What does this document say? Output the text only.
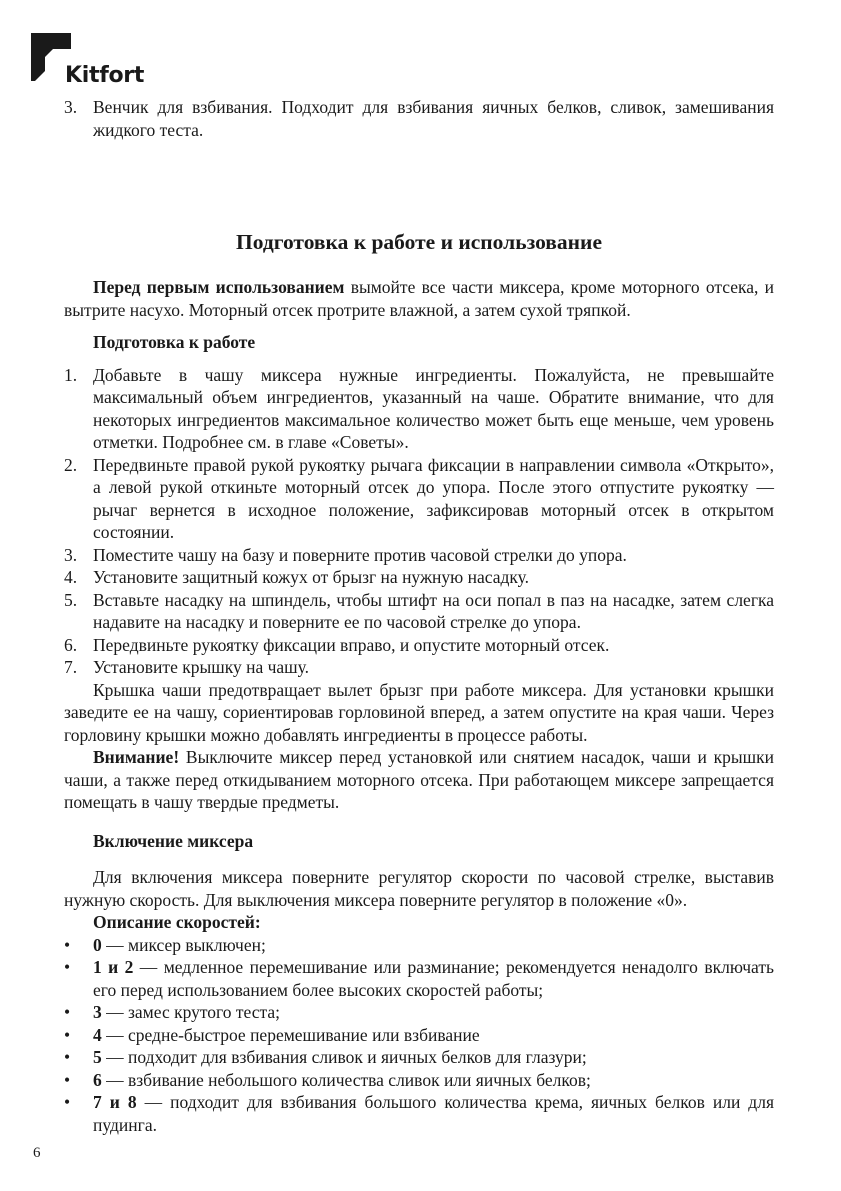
Kitfort
3. Венчик для взбивания. Подходит для взбивания яичных белков, сливок, замешивания жидкого теста.
Подготовка к работе и использование

Перед первым использованием вымойте все части миксера, кроме моторного отсека, и вытрите насухо. Моторный отсек протрите влажной, а затем сухой тряпкой.

Подготовка к работе
1. Добавьте в чашу миксера нужные ингредиенты. Пожалуйста, не превышайте максимальный объем ингредиентов, указанный на чаше. Обратите внимание, что для некоторых ингредиентов максимальное количество может быть еще меньше, чем уровень отметки. Подробнее см. в главе «Советы».
2. Передвиньте правой рукой рукоятку рычага фиксации в направлении символа «Открыто», а левой рукой откиньте моторный отсек до упора. После этого отпустите рукоятку — рычаг вернется в исходное положение, зафиксировав моторный отсек в открытом состоянии.
3. Поместите чашу на базу и поверните против часовой стрелки до упора.
4. Установите защитный кожух от брызг на нужную насадку.
5. Вставьте насадку на шпиндель, чтобы штифт на оси попал в паз на насадке, затем слегка надавите на насадку и поверните ее по часовой стрелке до упора.
6. Передвиньте рукоятку фиксации вправо, и опустите моторный отсек.
7. Установите крышку на чашу.

Крышка чаши предотвращает вылет брызг при работе миксера. Для установки крышки заведите ее на чашу, сориентировав горловиной вперед, а затем опустите на края чаши. Через горловину крышки можно добавлять ингредиенты в процессе работы.

Внимание! Выключите миксер перед установкой или снятием насадок, чаши и крышки чаши, а также перед откидыванием моторного отсека. При работающем миксере запрещается помещать в чашу твердые предметы.

Включение миксера

Для включения миксера поверните регулятор скорости по часовой стрелке, выставив нужную скорость. Для выключения миксера поверните регулятор в положение «0».

Описание скоростей:
• 0 — миксер выключен;
• 1 и 2 — медленное перемешивание или разминание; рекомендуется ненадолго включать его перед использованием более высоких скоростей работы;
• 3 — замес крутого теста;
• 4 — средне-быстрое перемешивание или взбивание
• 5 — подходит для взбивания сливок и яичных белков для глазури;
• 6 — взбивание небольшого количества сливок или яичных белков;
• 7 и 8 — подходит для взбивания большого количества крема, яичных белков или для пудинга.
6
